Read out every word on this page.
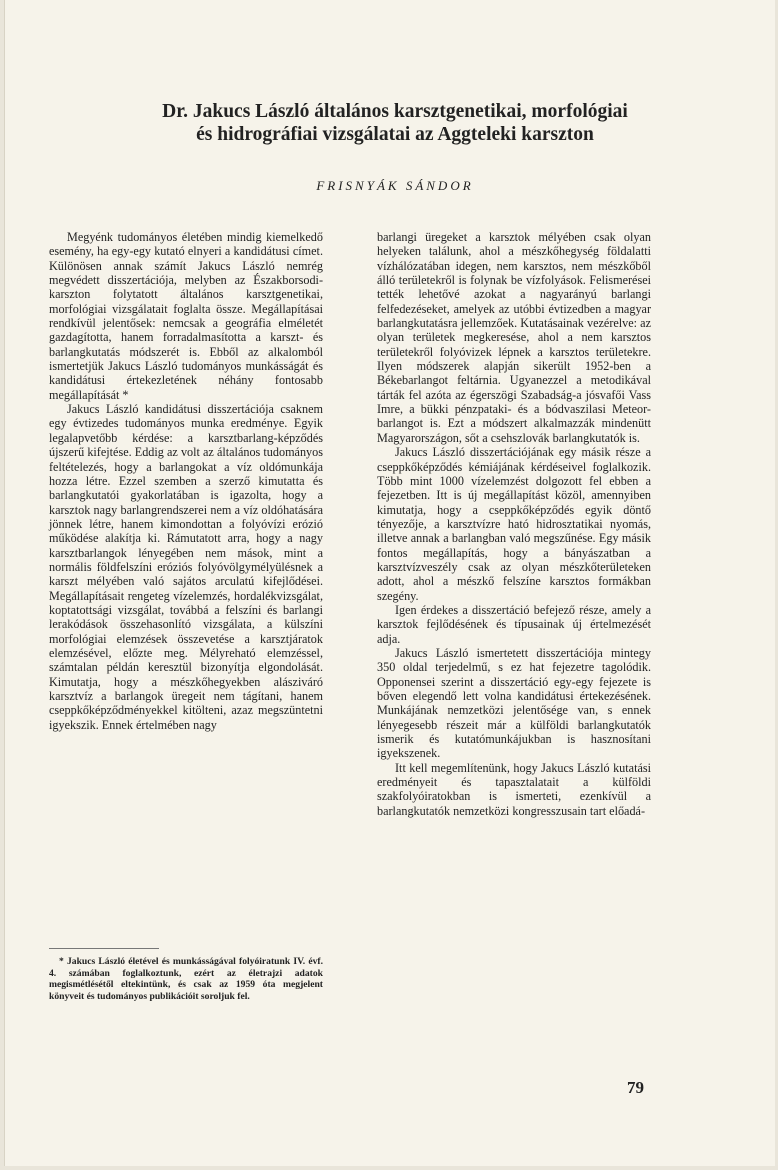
Dr. Jakucs László általános karsztgenetikai, morfológiai
és hidrográfiai vizsgálatai az Aggteleki karszton
FRISNYÁK SÁNDOR

Megyénk tudományos életében mindig kiemelkedő esemény, ha egy-egy kutató elnyeri a kandidátusi címet. Különösen annak számít Jakucs László nemrég megvédett disszertációja, melyben az Északborsodi-karszton folytatott általános karsztgenetikai, morfológiai vizsgálatait foglalta össze. Megállapításai rendkívül jelentősek: nemcsak a geográfia elméletét gazdagította, hanem forradalmasította a karszt- és barlangkutatás módszerét is. Ebből az alkalomból ismertetjük Jakucs László tudományos munkásságát és kandidátusi értekezletének néhány fontosabb megállapítását *

Jakucs László kandidátusi disszertációja csaknem egy évtizedes tudományos munka eredménye. Egyik legalapvetőbb kérdése: a karsztbarlang-képződés újszerű kifejtése. Eddig az volt az általános tudományos feltételezés, hogy a barlangokat a víz oldómunkája hozza létre. Ezzel szemben a szerző kimutatta és barlangkutatói gyakorlatában is igazolta, hogy a karsztok nagy barlangrendszerei nem a víz oldóhatására jönnek létre, hanem kimondottan a folyóvízi erózió működése alakítja ki. Rámutatott arra, hogy a nagy karsztbarlangok lényegében nem mások, mint a normális földfelszíni eróziós folyóvölgymélyülésnek a karszt mélyében való sajátos arculatú kifejlődései. Megállapításait rengeteg vízelemzés, hordalékvizsgálat, koptatottsági vizsgálat, továbbá a felszíni és barlangi lerakódások összehasonlító vizsgálata, a külszíni morfológiai elemzések összevetése a karsztjáratok elemzésével, előzte meg. Mélyreható elemzéssel, számtalan példán keresztül bizonyítja elgondolását. Kimutatja, hogy a mészkőhegyekben alásziváró karsztvíz a barlangok üregeit nem tágítani, hanem cseppkőképződményekkel kitölteni, azaz megszüntetni igyekszik. Ennek értelmében nagy

* Jakucs László életével és munkásságával folyóiratunk IV. évf. 4. számában foglalkoztunk, ezért az életrajzi adatok megismétlésétől eltekintünk, és csak az 1959 óta megjelent könyveit és tudományos publikációit soroljuk fel.

barlangi üregeket a karsztok mélyében csak olyan helyeken találunk, ahol a mészkőhegység földalatti vízhálózatában idegen, nem karsztos, nem mészkőből álló területekről is folynak be vízfolyások. Felismerései tették lehetővé azokat a nagyarányú barlangi felfedezéseket, amelyek az utóbbi évtizedben a magyar barlangkutatásra jellemzőek. Kutatásainak vezérelve: az olyan területek megkeresése, ahol a nem karsztos területekről folyóvizek lépnek a karsztos területekre. Ilyen módszerek alapján sikerült 1952-ben a Békebarlangot feltárnia. Ugyanezzel a metodikával tárták fel azóta az égerszögi Szabadság-a jósvafői Vass Imre, a bükki pénzpataki- és a bódvaszilasi Meteor-barlangot is. Ezt a módszert alkalmazzák mindenütt Magyarországon, sőt a csehszlovák barlangkutatók is.

Jakucs László disszertációjának egy másik része a cseppkőképződés kémiájának kérdéseivel foglalkozik. Több mint 1000 vízelemzést dolgozott fel ebben a fejezetben. Itt is új megállapítást közöl, amennyiben kimutatja, hogy a cseppkőképződés egyik döntő tényezője, a karsztvízre ható hidrosztatikai nyomás, illetve annak a barlangban való megszűnése. Egy másik fontos megállapítás, hogy a bányászatban a karsztvízveszély csak az olyan mészkőterületeken adott, ahol a mészkő felszíne karsztos formákban szegény.

Igen érdekes a disszertáció befejező része, amely a karsztok fejlődésének és típusainak új értelmezését adja.

Jakucs László ismertetett disszertációja mintegy 350 oldal terjedelmű, s ez hat fejezetre tagolódik. Opponensei szerint a disszertáció egy-egy fejezete is bőven elegendő lett volna kandidátusi értekezésének. Munkájának nemzetközi jelentősége van, s ennek lényegesebb részeit már a külföldi barlangkutatók ismerik és kutatómunkájukban is hasznosítani igyekszenek.

Itt kell megemlítenünk, hogy Jakucs László kutatási eredményeit és tapasztalatait a külföldi szakfolyóiratokban is ismerteti, ezenkívül a barlangkutatók nemzetközi kongresszusain tart előadá-

79
